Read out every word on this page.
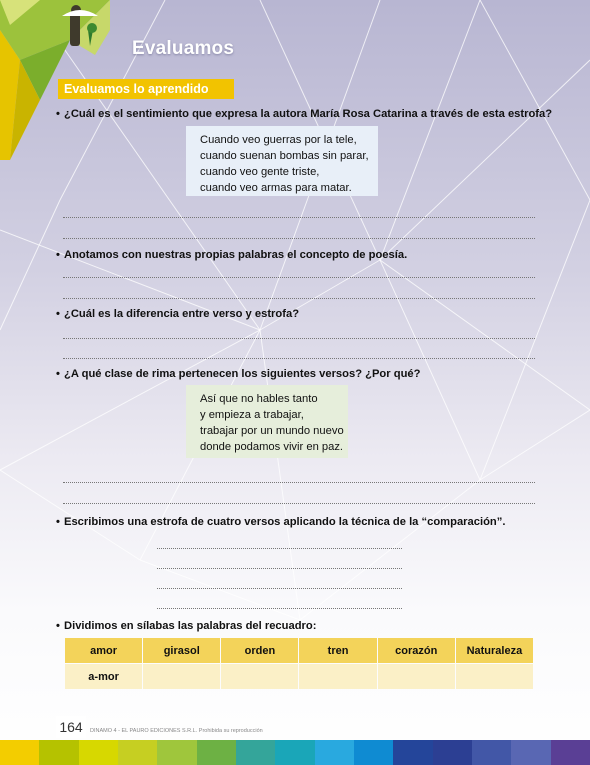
Evaluamos
Evaluamos lo aprendido
• ¿Cuál es el sentimiento que expresa la autora María Rosa Catarina a través de esta estrofa?
Cuando veo guerras por la tele,
cuando suenan bombas sin parar,
cuando veo gente triste,
cuando veo armas para matar.
• Anotamos con nuestras propias palabras el concepto de poesía.
• ¿Cuál es la diferencia entre verso y estrofa?
• ¿A qué clase de rima pertenecen los siguientes versos? ¿Por qué?
Así que no hables tanto
y empieza a trabajar,
trabajar por un mundo nuevo
donde podamos vivir en paz.
• Escribimos una estrofa de cuatro versos aplicando la técnica de la “comparación”.
• Dividimos en sílabas las palabras del recuadro:
amor	girasol	orden	tren	corazón	Naturaleza
a-mor					
164	DINAMO 4 - EL PAURO EDICIONES S.R.L. Prohibida su reproducción
